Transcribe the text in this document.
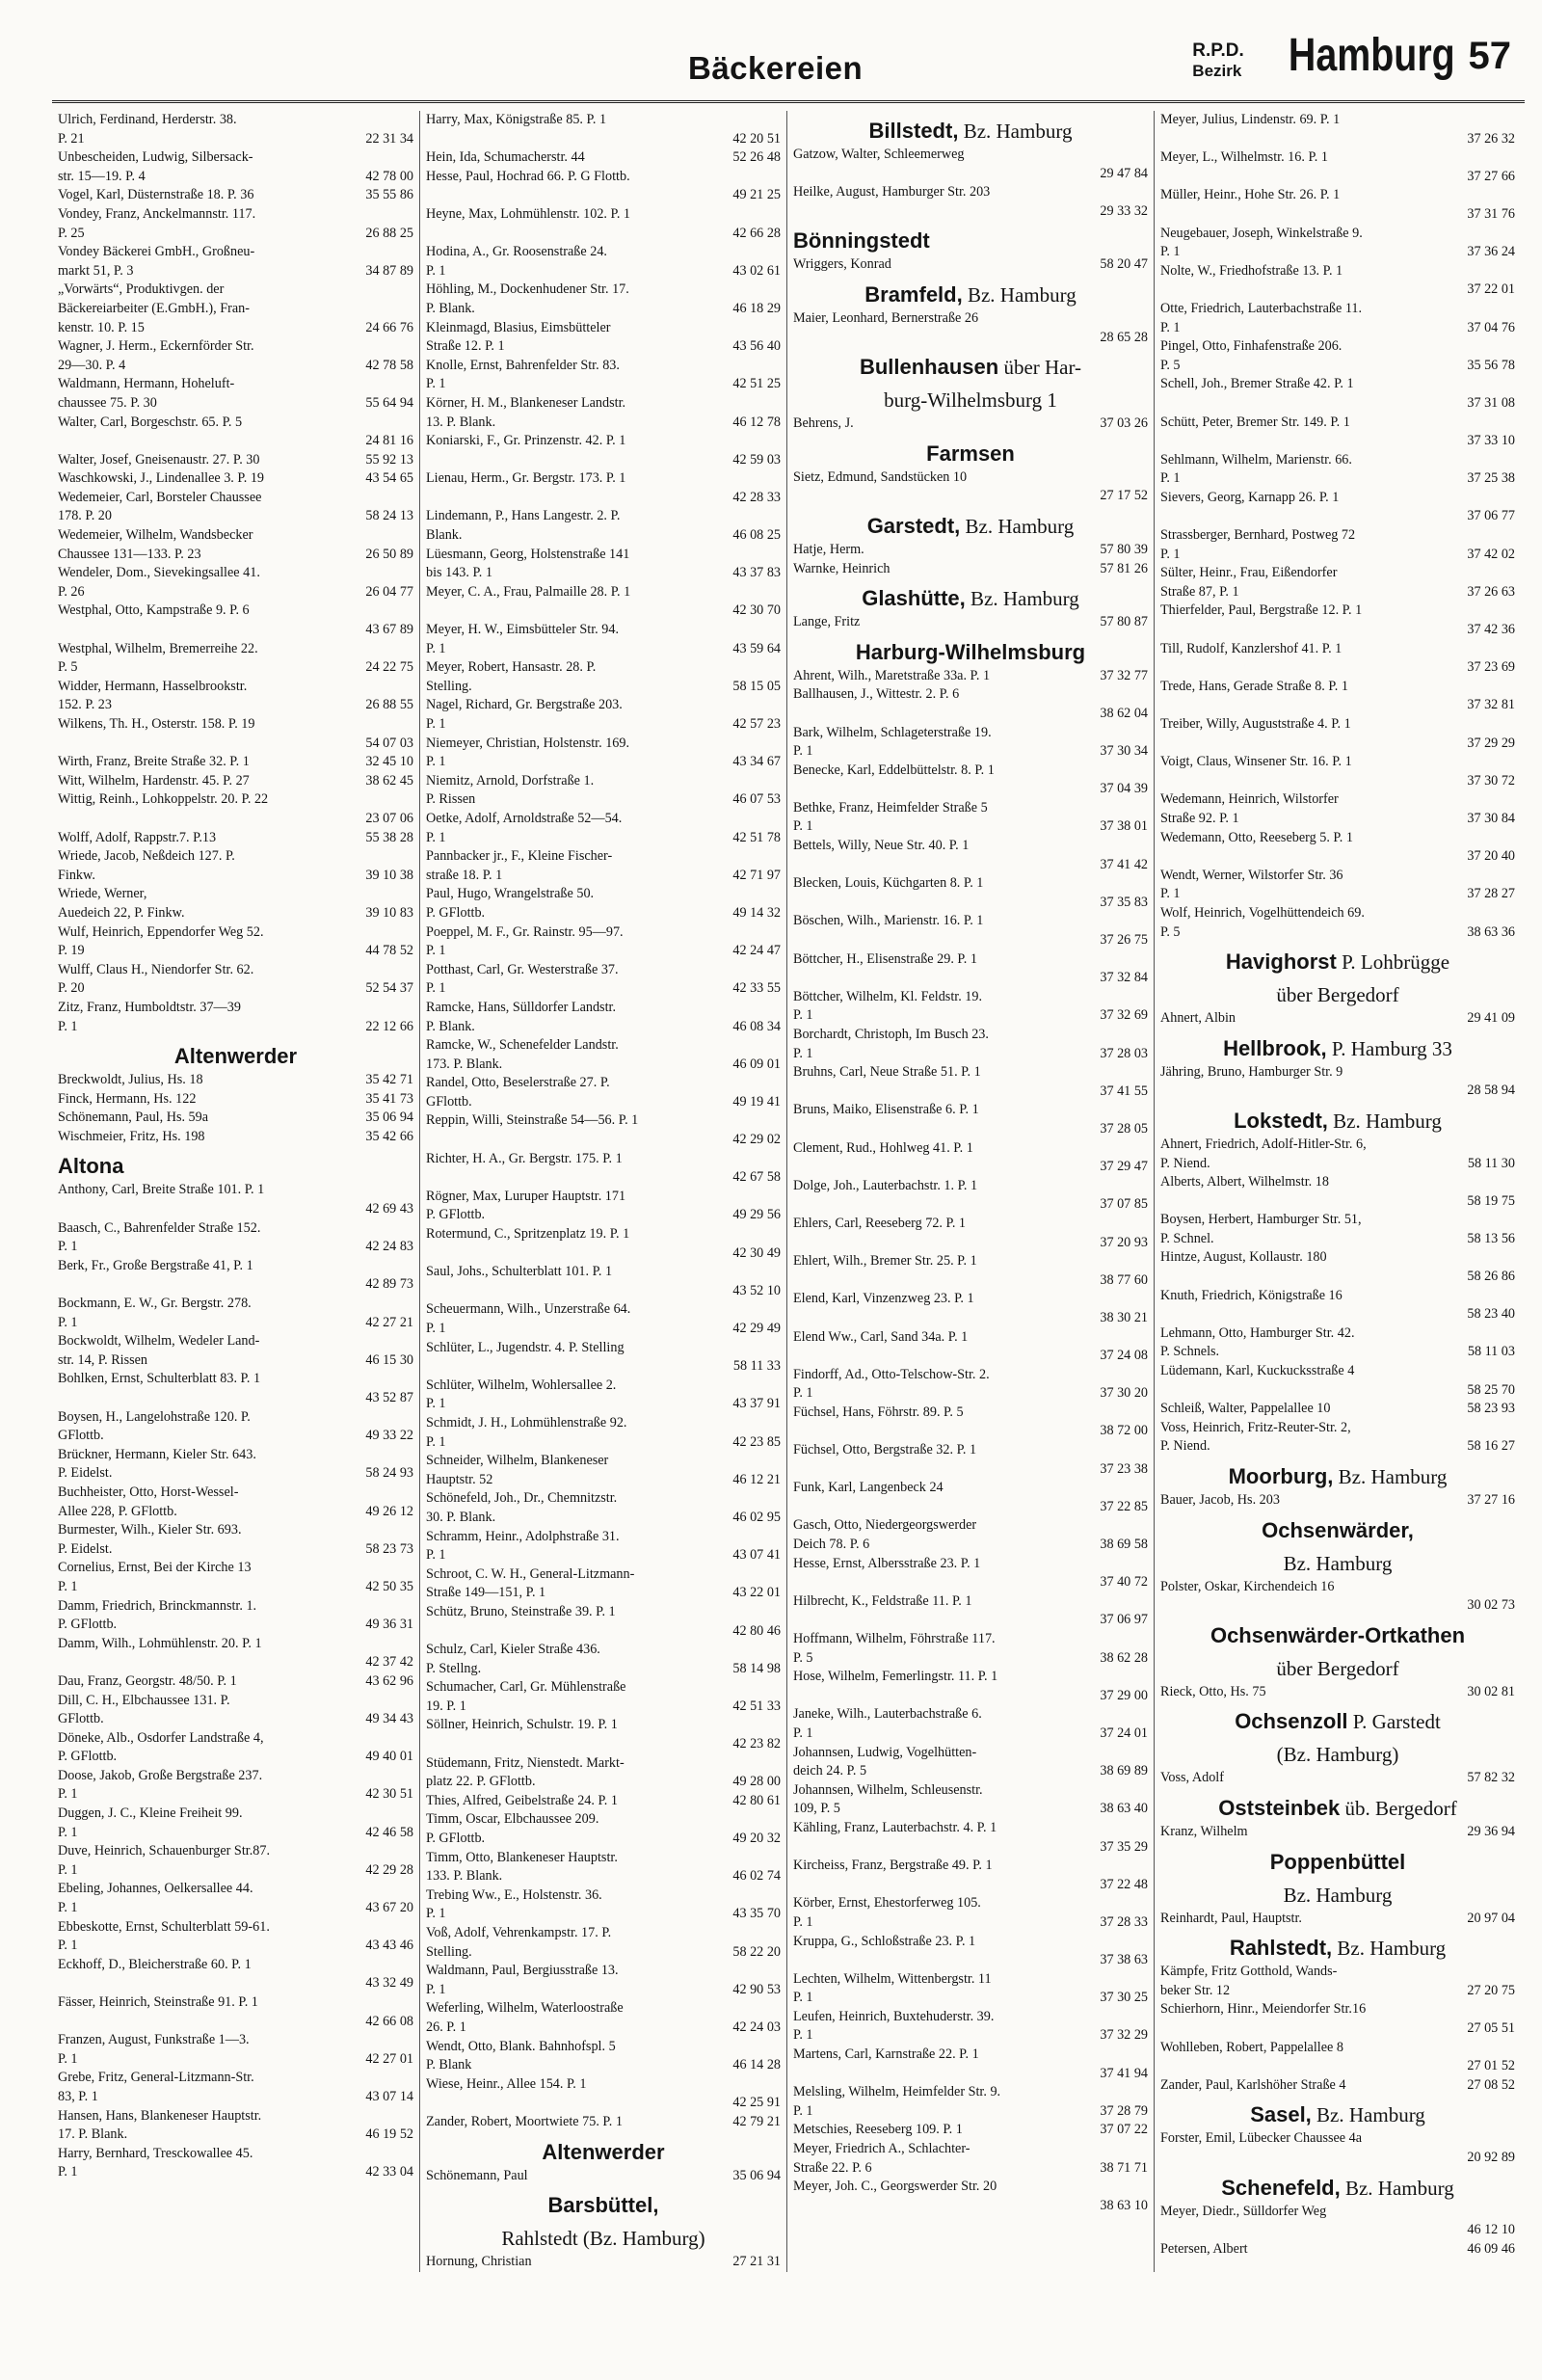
Bäckereien	R.P.D.
Bezirk Hamburg 57
Ulrich, Ferdinand, Herderstr. 38.
P. 21	22 31 34
Unbescheiden, Ludwig, Silbersack-
str. 15—19. P. 4	42 78 00
Vogel, Karl, Düsternstraße 18. P. 36	35 55 86
Vondey, Franz, Anckelmannstr. 117.
P. 25	26 88 25
Vondey Bäckerei GmbH., Großneu-
markt 51, P. 3	34 87 89
„Vorwärts“, Produktivgen. der
Bäckereiarbeiter (E.GmbH.), Fran-
kenstr. 10. P. 15	24 66 76
Wagner, J. Herm., Eckernförder Str.
29—30. P. 4	42 78 58
Waldmann, Hermann, Hoheluft-
chaussee 75. P. 30	55 64 94
Walter, Carl, Borgeschstr. 65. P. 5
24 81 16
Walter, Josef, Gneisenaustr. 27. P. 30	55 92 13
Waschkowski, J., Lindenallee 3. P. 19	43 54 65
Wedemeier, Carl, Borsteler Chaussee
178. P. 20	58 24 13
Wedemeier, Wilhelm, Wandsbecker
Chaussee 131—133. P. 23	26 50 89
Wendeler, Dom., Sievekingsallee 41.
P. 26	26 04 77
Westphal, Otto, Kampstraße 9. P. 6
43 67 89
Westphal, Wilhelm, Bremerreihe 22.
P. 5	24 22 75
Widder, Hermann, Hasselbrookstr.
152. P. 23	26 88 55
Wilkens, Th. H., Osterstr. 158. P. 19
54 07 03
Wirth, Franz, Breite Straße 32. P. 1	32 45 10
Witt, Wilhelm, Hardenstr. 45. P. 27	38 62 45
Wittig, Reinh., Lohkoppelstr. 20. P. 22
23 07 06
Wolff, Adolf, Rappstr.7. P.13	55 38 28
Wriede, Jacob, Neßdeich 127. P.
Finkw.	39 10 38
Wriede, Werner,
Auedeich 22, P. Finkw.	39 10 83
Wulf, Heinrich, Eppendorfer Weg 52.
P. 19	44 78 52
Wulff, Claus H., Niendorfer Str. 62.
P. 20	52 54 37
Zitz, Franz, Humboldtstr. 37—39
P. 1	22 12 66
Altenwerder
Breckwoldt, Julius, Hs. 18	35 42 71
Finck, Hermann, Hs. 122	35 41 73
Schönemann, Paul, Hs. 59a	35 06 94
Wischmeier, Fritz, Hs. 198	35 42 66
Altona
Anthony, Carl, Breite Straße 101. P. 1
42 69 43
Baasch, C., Bahrenfelder Straße 152.
P. 1	42 24 83
Berk, Fr., Große Bergstraße 41, P. 1
42 89 73
Bockmann, E. W., Gr. Bergstr. 278.
P. 1	42 27 21
Bockwoldt, Wilhelm, Wedeler Land-
str. 14, P. Rissen	46 15 30
Bohlken, Ernst, Schulterblatt 83. P. 1
43 52 87
Boysen, H., Langelohstraße 120. P.
GFlottb.	49 33 22
Brückner, Hermann, Kieler Str. 643.
P. Eidelst.	58 24 93
Buchheister, Otto, Horst-Wessel-
Allee 228, P. GFlottb.	49 26 12
Burmester, Wilh., Kieler Str. 693.
P. Eidelst.	58 23 73
Cornelius, Ernst, Bei der Kirche 13
P. 1	42 50 35
Damm, Friedrich, Brinckmannstr. 1.
P. GFlottb.	49 36 31
Damm, Wilh., Lohmühlenstr. 20. P. 1
42 37 42
Dau, Franz, Georgstr. 48/50. P. 1	43 62 96
Dill, C. H., Elbchaussee 131. P.
GFlottb.	49 34 43
Döneke, Alb., Osdorfer Landstraße 4,
P. GFlottb.	49 40 01
Doose, Jakob, Große Bergstraße 237.
P. 1	42 30 51
Duggen, J. C., Kleine Freiheit 99.
P. 1	42 46 58
Duve, Heinrich, Schauenburger Str.87.
P. 1	42 29 28
Ebeling, Johannes, Oelkersallee 44.
P. 1	43 67 20
Ebbeskotte, Ernst, Schulterblatt 59-61.
P. 1	43 43 46
Eckhoff, D., Bleicherstraße 60. P. 1
43 32 49
Fässer, Heinrich, Steinstraße 91. P. 1
42 66 08
Franzen, August, Funkstraße 1—3.
P. 1	42 27 01
Grebe, Fritz, General-Litzmann-Str.
83, P. 1	43 07 14
Hansen, Hans, Blankeneser Hauptstr.
17. P. Blank.	46 19 52
Harry, Bernhard, Tresckowallee 45.
P. 1	42 33 04
Harry, Max, Königstraße 85. P. 1
42 20 51
Hein, Ida, Schumacherstr. 44	52 26 48
Hesse, Paul, Hochrad 66. P. G Flottb.
49 21 25
Heyne, Max, Lohmühlenstr. 102. P. 1
42 66 28
Hodina, A., Gr. Roosenstraße 24.
P. 1	43 02 61
Höhling, M., Dockenhudener Str. 17.
P. Blank.	46 18 29
Kleinmagd, Blasius, Eimsbütteler
Straße 12. P. 1	43 56 40
Knolle, Ernst, Bahrenfelder Str. 83.
P. 1	42 51 25
Körner, H. M., Blankeneser Landstr.
13. P. Blank.	46 12 78
Koniarski, F., Gr. Prinzenstr. 42. P. 1
42 59 03
Lienau, Herm., Gr. Bergstr. 173. P. 1
42 28 33
Lindemann, P., Hans Langestr. 2. P.
Blank.	46 08 25
Lüesmann, Georg, Holstenstraße 141
bis 143. P. 1	43 37 83
Meyer, C. A., Frau, Palmaille 28. P. 1
42 30 70
Meyer, H. W., Eimsbütteler Str. 94.
P. 1	43 59 64
Meyer, Robert, Hansastr. 28. P.
Stelling.	58 15 05
Nagel, Richard, Gr. Bergstraße 203.
P. 1	42 57 23
Niemeyer, Christian, Holstenstr. 169.
P. 1	43 34 67
Niemitz, Arnold, Dorfstraße 1.
P. Rissen	46 07 53
Oetke, Adolf, Arnoldstraße 52—54.
P. 1	42 51 78
Pannbacker jr., F., Kleine Fischer-
straße 18. P. 1	42 71 97
Paul, Hugo, Wrangelstraße 50.
P. GFlottb.	49 14 32
Poeppel, M. F., Gr. Rainstr. 95—97.
P. 1	42 24 47
Potthast, Carl, Gr. Westerstraße 37.
P. 1	42 33 55
Ramcke, Hans, Sülldorfer Landstr.
P. Blank.	46 08 34
Ramcke, W., Schenefelder Landstr.
173. P. Blank.	46 09 01
Randel, Otto, Beselerstraße 27. P.
GFlottb.	49 19 41
Reppin, Willi, Steinstraße 54—56. P. 1
42 29 02
Richter, H. A., Gr. Bergstr. 175. P. 1
42 67 58
Rögner, Max, Luruper Hauptstr. 171
P. GFlottb.	49 29 56
Rotermund, C., Spritzenplatz 19. P. 1
42 30 49
Saul, Johs., Schulterblatt 101. P. 1
43 52 10
Scheuermann, Wilh., Unzerstraße 64.
P. 1	42 29 49
Schlüter, L., Jugendstr. 4. P. Stelling
58 11 33
Schlüter, Wilhelm, Wohlersallee 2.
P. 1	43 37 91
Schmidt, J. H., Lohmühlenstraße 92.
P. 1	42 23 85
Schneider, Wilhelm, Blankeneser
Hauptstr. 52	46 12 21
Schönefeld, Joh., Dr., Chemnitzstr.
30. P. Blank.	46 02 95
Schramm, Heinr., Adolphstraße 31.
P. 1	43 07 41
Schroot, C. W. H., General-Litzmann-
Straße 149—151, P. 1	43 22 01
Schütz, Bruno, Steinstraße 39. P. 1
42 80 46
Schulz, Carl, Kieler Straße 436.
P. Stellng.	58 14 98
Schumacher, Carl, Gr. Mühlenstraße
19. P. 1	42 51 33
Söllner, Heinrich, Schulstr. 19. P. 1
42 23 82
Stüdemann, Fritz, Nienstedt. Markt-
platz 22. P. GFlottb.	49 28 00
Thies, Alfred, Geibelstraße 24. P. 1	42 80 61
Timm, Oscar, Elbchaussee 209.
P. GFlottb.	49 20 32
Timm, Otto, Blankeneser Hauptstr.
133. P. Blank.	46 02 74
Trebing Ww., E., Holstenstr. 36.
P. 1	43 35 70
Voß, Adolf, Vehrenkampstr. 17. P.
Stelling.	58 22 20
Waldmann, Paul, Bergiusstraße 13.
P. 1	42 90 53
Weferling, Wilhelm, Waterloostraße
26. P. 1	42 24 03
Wendt, Otto, Blank. Bahnhofspl. 5
P. Blank	46 14 28
Wiese, Heinr., Allee 154. P. 1
42 25 91
Zander, Robert, Moortwiete 75. P. 1	42 79 21
Altenwerder
Schönemann, Paul	35 06 94
Barsbüttel,
Rahlstedt (Bz. Hamburg)
Hornung, Christian	27 21 31
Billstedt, Bz. Hamburg
Gatzow, Walter, Schleemerweg
29 47 84
Heilke, August, Hamburger Str. 203
29 33 32
Bönningstedt
Wriggers, Konrad	58 20 47
Bramfeld, Bz. Hamburg
Maier, Leonhard, Bernerstraße 26
28 65 28
Bullenhausen über Har-
burg-Wilhelmsburg 1
Behrens, J.	37 03 26
Farmsen
Sietz, Edmund, Sandstücken 10
27 17 52
Garstedt, Bz. Hamburg
Hatje, Herm.	57 80 39
Warnke, Heinrich	57 81 26
Glashütte, Bz. Hamburg
Lange, Fritz	57 80 87
Harburg-Wilhelmsburg
Ahrent, Wilh., Maretstraße 33a. P. 1	37 32 77
Ballhausen, J., Wittestr. 2. P. 6
38 62 04
Bark, Wilhelm, Schlageterstraße 19.
P. 1	37 30 34
Benecke, Karl, Eddelbüttelstr. 8. P. 1
37 04 39
Bethke, Franz, Heimfelder Straße 5
P. 1	37 38 01
Bettels, Willy, Neue Str. 40. P. 1
37 41 42
Blecken, Louis, Küchgarten 8. P. 1
37 35 83
Böschen, Wilh., Marienstr. 16. P. 1
37 26 75
Böttcher, H., Elisenstraße 29. P. 1
37 32 84
Böttcher, Wilhelm, Kl. Feldstr. 19.
P. 1	37 32 69
Borchardt, Christoph, Im Busch 23.
P. 1	37 28 03
Bruhns, Carl, Neue Straße 51. P. 1
37 41 55
Bruns, Maiko, Elisenstraße 6. P. 1
37 28 05
Clement, Rud., Hohlweg 41. P. 1
37 29 47
Dolge, Joh., Lauterbachstr. 1. P. 1
37 07 85
Ehlers, Carl, Reeseberg 72. P. 1
37 20 93
Ehlert, Wilh., Bremer Str. 25. P. 1
38 77 60
Elend, Karl, Vinzenzweg 23. P. 1
38 30 21
Elend Ww., Carl, Sand 34a. P. 1
37 24 08
Findorff, Ad., Otto-Telschow-Str. 2.
P. 1	37 30 20
Füchsel, Hans, Föhrstr. 89. P. 5
38 72 00
Füchsel, Otto, Bergstraße 32. P. 1
37 23 38
Funk, Karl, Langenbeck 24
37 22 85
Gasch, Otto, Niedergeorgswerder
Deich 78. P. 6	38 69 58
Hesse, Ernst, Albersstraße 23. P. 1
37 40 72
Hilbrecht, K., Feldstraße 11. P. 1
37 06 97
Hoffmann, Wilhelm, Föhrstraße 117.
P. 5	38 62 28
Hose, Wilhelm, Femerlingstr. 11. P. 1
37 29 00
Janeke, Wilh., Lauterbachstraße 6.
P. 1	37 24 01
Johannsen, Ludwig, Vogelhütten-
deich 24. P. 5	38 69 89
Johannsen, Wilhelm, Schleusenstr.
109, P. 5	38 63 40
Kähling, Franz, Lauterbachstr. 4. P. 1
37 35 29
Kircheiss, Franz, Bergstraße 49. P. 1
37 22 48
Körber, Ernst, Ehestorferweg 105.
P. 1	37 28 33
Kruppa, G., Schloßstraße 23. P. 1
37 38 63
Lechten, Wilhelm, Wittenbergstr. 11
P. 1	37 30 25
Leufen, Heinrich, Buxtehuderstr. 39.
P. 1	37 32 29
Martens, Carl, Karnstraße 22. P. 1
37 41 94
Melsling, Wilhelm, Heimfelder Str. 9.
P. 1	37 28 79
Metschies, Reeseberg 109. P. 1	37 07 22
Meyer, Friedrich A., Schlachter-
Straße 22. P. 6	38 71 71
Meyer, Joh. C., Georgswerder Str. 20
38 63 10
Meyer, Julius, Lindenstr. 69. P. 1
37 26 32
Meyer, L., Wilhelmstr. 16. P. 1
37 27 66
Müller, Heinr., Hohe Str. 26. P. 1
37 31 76
Neugebauer, Joseph, Winkelstraße 9.
P. 1	37 36 24
Nolte, W., Friedhofstraße 13. P. 1
37 22 01
Otte, Friedrich, Lauterbachstraße 11.
P. 1	37 04 76
Pingel, Otto, Finhafenstraße 206.
P. 5	35 56 78
Schell, Joh., Bremer Straße 42. P. 1
37 31 08
Schütt, Peter, Bremer Str. 149. P. 1
37 33 10
Sehlmann, Wilhelm, Marienstr. 66.
P. 1	37 25 38
Sievers, Georg, Karnapp 26. P. 1
37 06 77
Strassberger, Bernhard, Postweg 72
P. 1	37 42 02
Sülter, Heinr., Frau, Eißendorfer
Straße 87, P. 1	37 26 63
Thierfelder, Paul, Bergstraße 12. P. 1
37 42 36
Till, Rudolf, Kanzlershof 41. P. 1
37 23 69
Trede, Hans, Gerade Straße 8. P. 1
37 32 81
Treiber, Willy, Auguststraße 4. P. 1
37 29 29
Voigt, Claus, Winsener Str. 16. P. 1
37 30 72
Wedemann, Heinrich, Wilstorfer
Straße 92. P. 1	37 30 84
Wedemann, Otto, Reeseberg 5. P. 1
37 20 40
Wendt, Werner, Wilstorfer Str. 36
P. 1	37 28 27
Wolf, Heinrich, Vogelhüttendeich 69.
P. 5	38 63 36
Havighorst P. Lohbrügge
über Bergedorf
Ahnert, Albin	29 41 09
Hellbrook, P. Hamburg 33
Jähring, Bruno, Hamburger Str. 9
28 58 94
Lokstedt, Bz. Hamburg
Ahnert, Friedrich, Adolf-Hitler-Str. 6,
P. Niend.	58 11 30
Alberts, Albert, Wilhelmstr. 18
58 19 75
Boysen, Herbert, Hamburger Str. 51,
P. Schnel.	58 13 56
Hintze, August, Kollaustr. 180
58 26 86
Knuth, Friedrich, Königstraße 16
58 23 40
Lehmann, Otto, Hamburger Str. 42.
P. Schnels.	58 11 03
Lüdemann, Karl, Kuckucksstraße 4
58 25 70
Schleiß, Walter, Pappelallee 10	58 23 93
Voss, Heinrich, Fritz-Reuter-Str. 2,
P. Niend.	58 16 27
Moorburg, Bz. Hamburg
Bauer, Jacob, Hs. 203	37 27 16
Ochsenwärder,
Bz. Hamburg
Polster, Oskar, Kirchendeich 16
30 02 73
Ochsenwärder-Ortkathen
über Bergedorf
Rieck, Otto, Hs. 75	30 02 81
Ochsenzoll P. Garstedt
(Bz. Hamburg)
Voss, Adolf	57 82 32
Oststeinbek üb. Bergedorf
Kranz, Wilhelm	29 36 94
Poppenbüttel
Bz. Hamburg
Reinhardt, Paul, Hauptstr.	20 97 04
Rahlstedt, Bz. Hamburg
Kämpfe, Fritz Gotthold, Wands-
beker Str. 12	27 20 75
Schierhorn, Hinr., Meiendorfer Str.16
27 05 51
Wohlleben, Robert, Pappelallee 8
27 01 52
Zander, Paul, Karlshöher Straße 4	27 08 52
Sasel, Bz. Hamburg
Forster, Emil, Lübecker Chaussee 4a
20 92 89
Schenefeld, Bz. Hamburg
Meyer, Diedr., Sülldorfer Weg
46 12 10
Petersen, Albert	46 09 46
